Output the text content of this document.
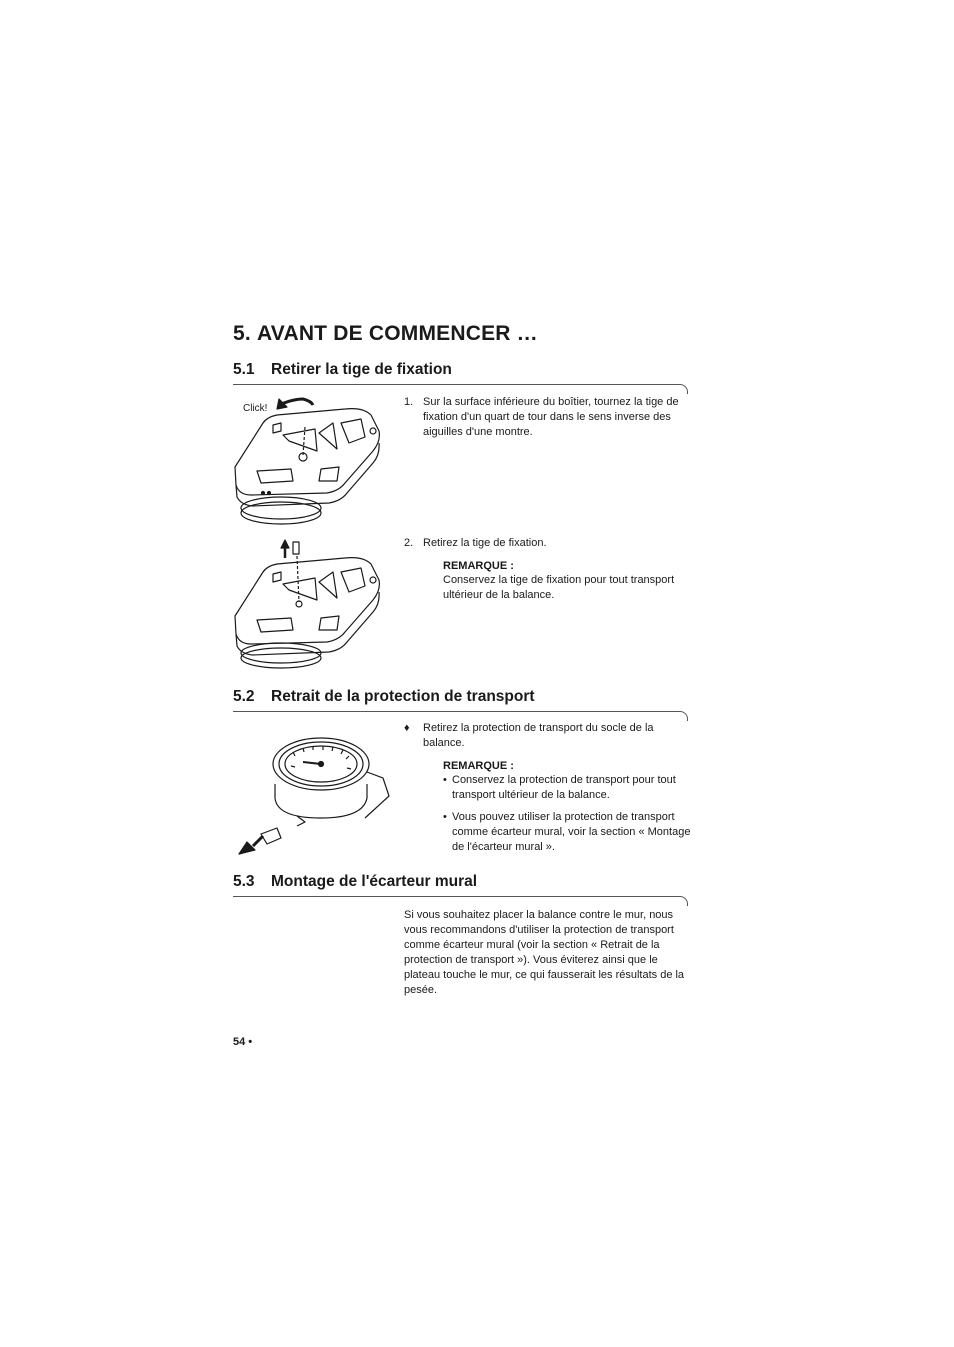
5. AVANT DE COMMENCER …
5.1 Retirer la tige de fixation
Click!
1. Sur la surface inférieure du boîtier, tournez la tige de fixation d'un quart de tour dans le sens inverse des aiguilles d'une montre.
2. Retirez la tige de fixation.
REMARQUE :
Conservez la tige de fixation pour tout transport ultérieur de la balance.
5.2 Retrait de la protection de transport
♦ Retirez la protection de transport du socle de la balance.
REMARQUE :
• Conservez la protection de transport pour tout transport ultérieur de la balance.
• Vous pouvez utiliser la protection de transport comme écarteur mural, voir la section « Montage de l'écarteur mural ».
5.3 Montage de l'écarteur mural
Si vous souhaitez placer la balance contre le mur, nous vous recommandons d'utiliser la protection de transport comme écarteur mural (voir la section « Retrait de la protection de transport »). Vous éviterez ainsi que le plateau touche le mur, ce qui fausserait les résultats de la pesée.
54 •
